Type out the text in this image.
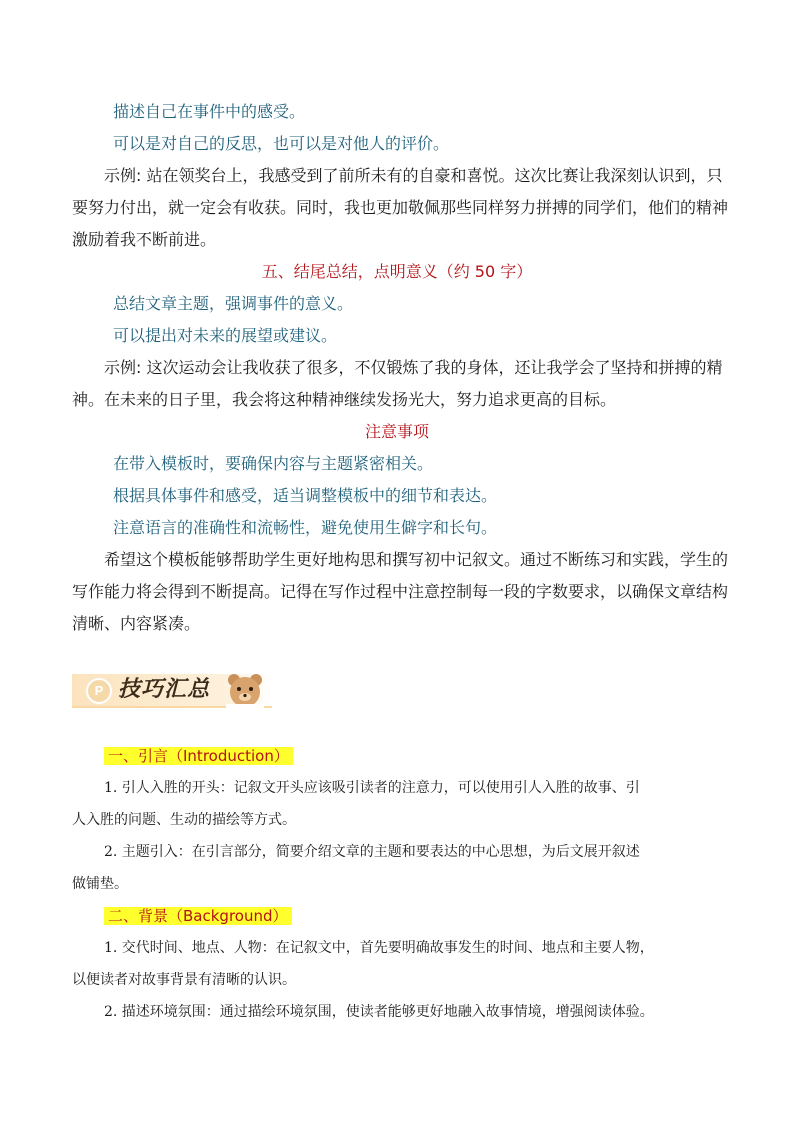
描述自己在事件中的感受。
可以是对自己的反思，也可以是对他人的评价。
示例: 站在领奖台上，我感受到了前所未有的自豪和喜悦。这次比赛让我深刻认识到，只
要努力付出，就一定会有收获。同时，我也更加敬佩那些同样努力拼搏的同学们，他们的精神
激励着我不断前进。
五、结尾总结，点明意义（约 50 字）
总结文章主题，强调事件的意义。
可以提出对未来的展望或建议。
示例: 这次运动会让我收获了很多，不仅锻炼了我的身体，还让我学会了坚持和拼搏的精
神。在未来的日子里，我会将这种精神继续发扬光大，努力追求更高的目标。
注意事项
在带入模板时，要确保内容与主题紧密相关。
根据具体事件和感受，适当调整模板中的细节和表达。
注意语言的准确性和流畅性，避免使用生僻字和长句。
希望这个模板能够帮助学生更好地构思和撰写初中记叙文。通过不断练习和实践，学生的
写作能力将会得到不断提高。记得在写作过程中注意控制每一段的字数要求，以确保文章结构
清晰、内容紧凑。
P 技巧汇总
一、引言（Introduction）
1. 引人入胜的开头：记叙文开头应该吸引读者的注意力，可以使用引人入胜的故事、引
人入胜的问题、生动的描绘等方式。
2. 主题引入：在引言部分，简要介绍文章的主题和要表达的中心思想，为后文展开叙述
做铺垫。
二、背景（Background）
1. 交代时间、地点、人物：在记叙文中，首先要明确故事发生的时间、地点和主要人物，
以便读者对故事背景有清晰的认识。
2. 描述环境氛围：通过描绘环境氛围，使读者能够更好地融入故事情境，增强阅读体验。
